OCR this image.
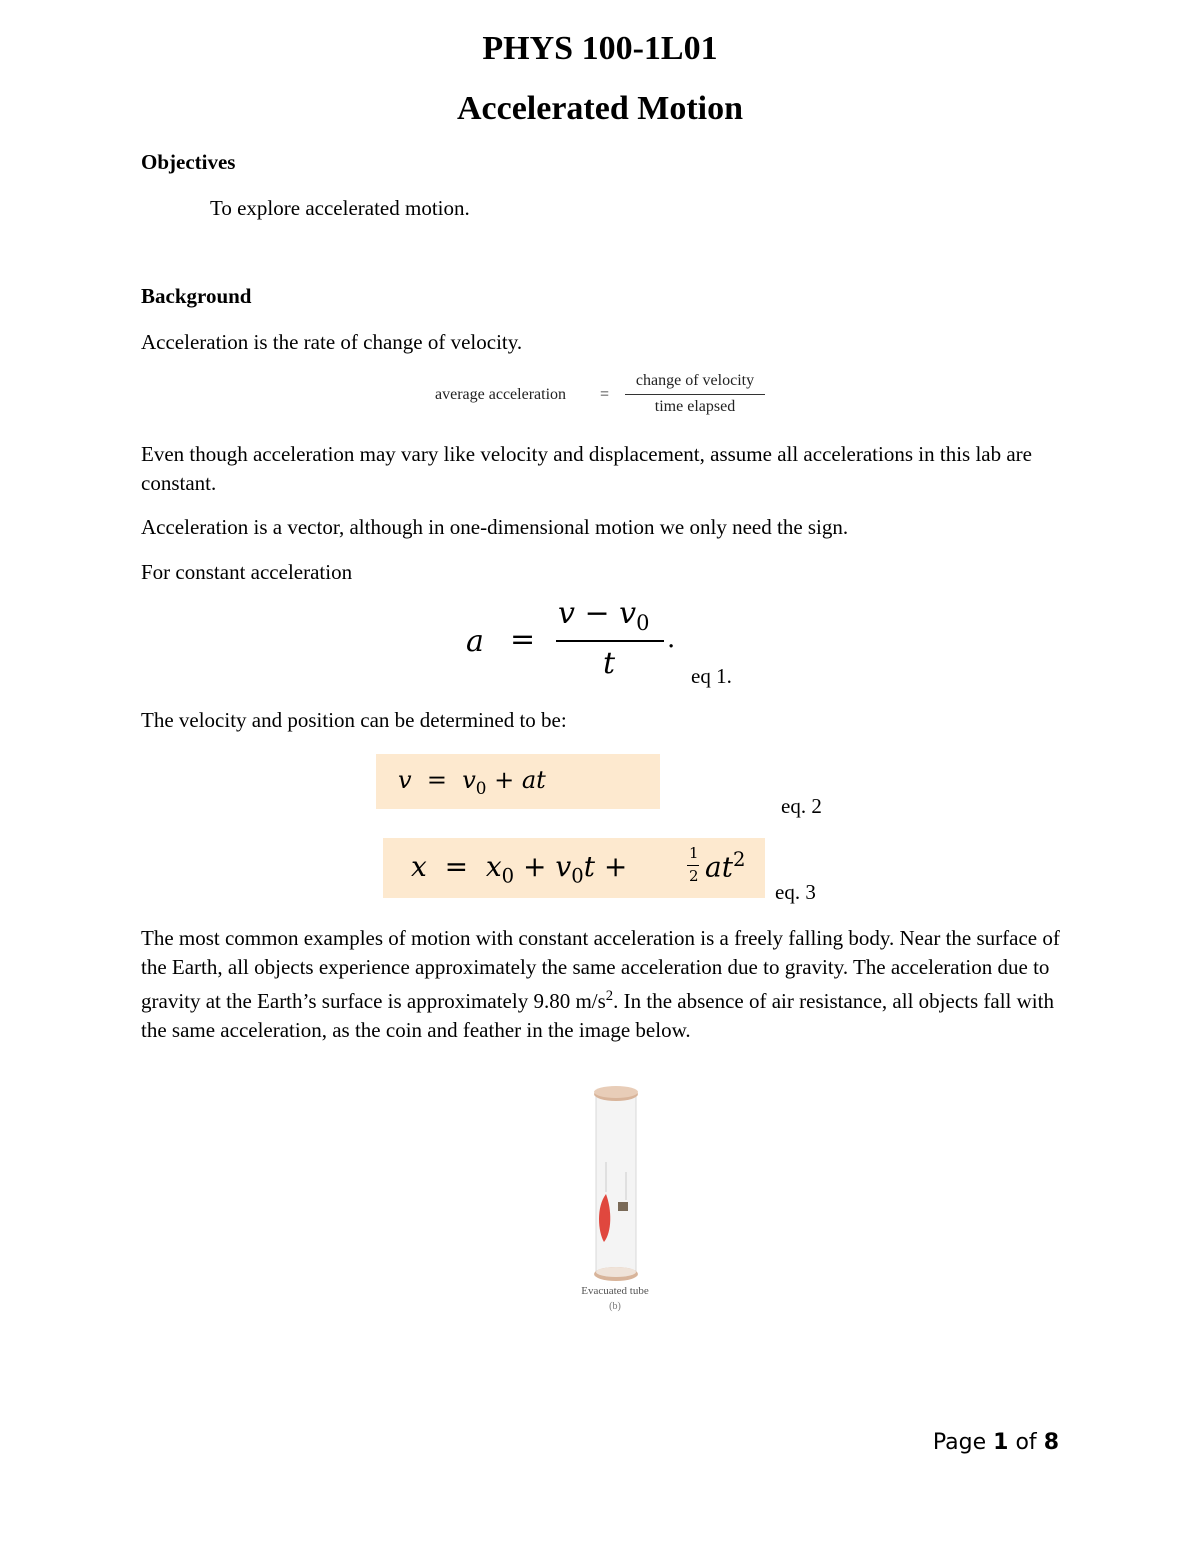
PHYS 100-1L01
Accelerated Motion
Objectives
To explore accelerated motion.
Background
Acceleration is the rate of change of velocity.
average acceleration =
change of velocity
time elapsed
Even though acceleration may vary like velocity and displacement, assume all accelerations in this lab are constant.
Acceleration is a vector, although in one-dimensional motion we only need the sign.
For constant acceleration
a =
$v - v_0$
t
.
eq 1.
The velocity and position can be determined to be:
$v = v_0$ + at
eq. 2
$x = x_0 + v_0t$ +	1
2 $at^2$
eq. 3
The most common examples of motion with constant acceleration is a freely falling body. Near the surface of the Earth, all objects experience approximately the same acceleration due to gravity. The acceleration due to gravity at the Earth’s surface is approximately 9.80 $m/s^2$. In the absence of air resistance, all objects fall with the same acceleration, as the coin and feather in the image below.
Evacuated tube
(b)
Page 1 of 8
